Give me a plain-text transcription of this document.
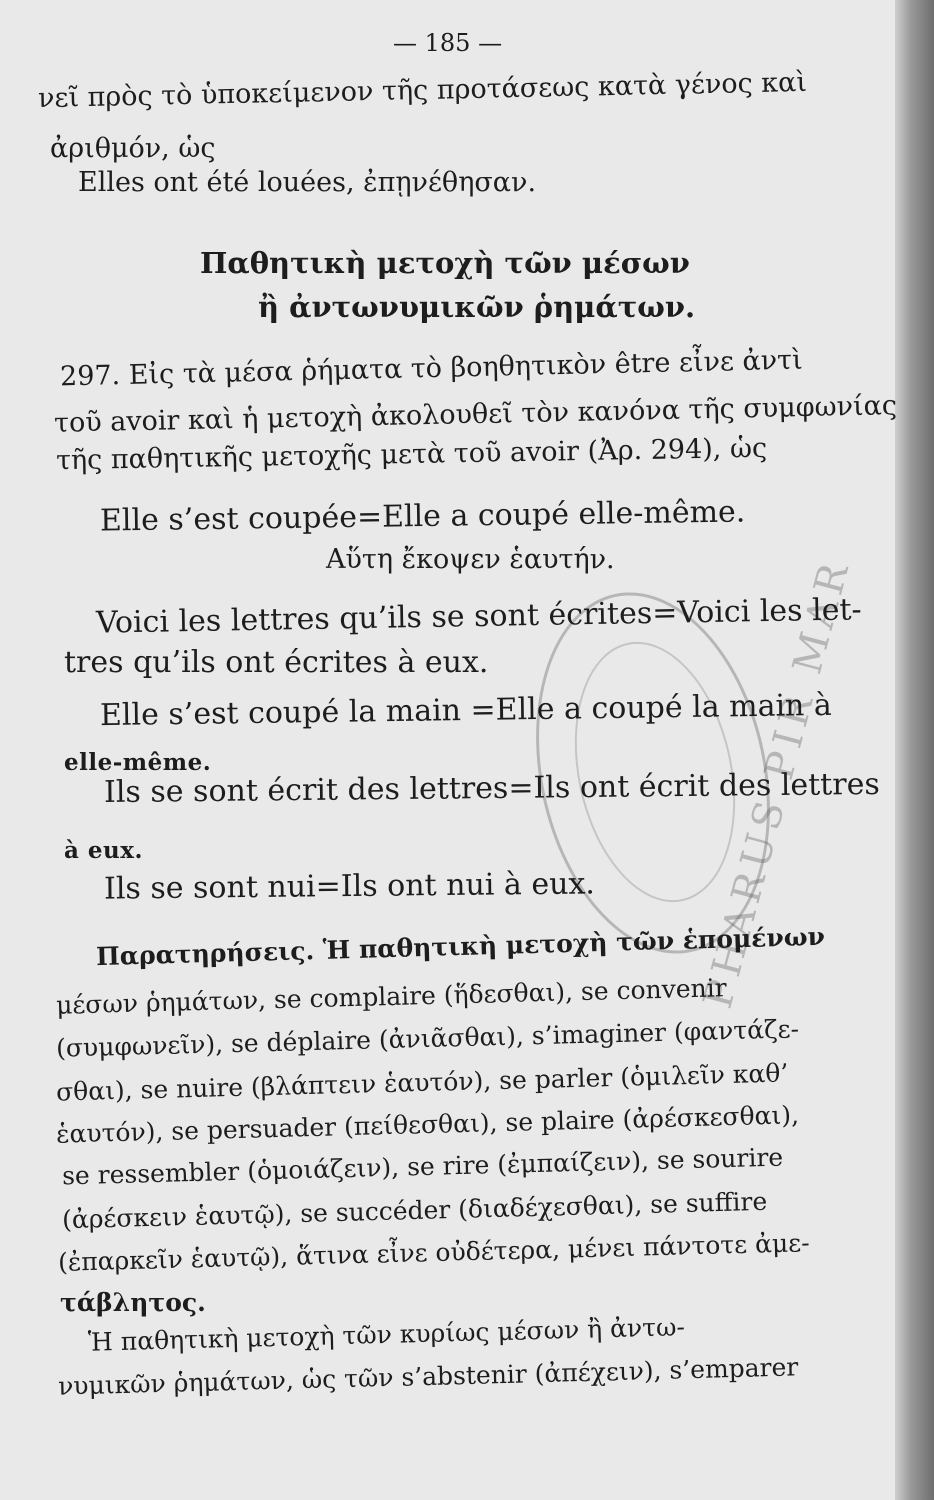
PHARUS PIR MAR
— 185 —
νεῖ πρὸς τὸ ὑποκείμενον τῆς προτάσεως κατὰ γένος καὶ
ἀριθμόν, ὡς
Elles ont été louées, ἐπῃνέθησαν.
Παθητικὴ μετοχὴ τῶν μέσων
ἢ ἀντωνυμικῶν ῥημάτων.
297. Εἰς τὰ μέσα ῥήματα τὸ βοηθητικὸν être εἶνε ἀντὶ
τοῦ avoir καὶ ἡ μετοχὴ ἀκολουθεῖ τὸν κανόνα τῆς συμφωνίας
τῆς παθητικῆς μετοχῆς μετὰ τοῦ avoir (Ἀρ. 294), ὡς
Elle s’est coupée=Elle a coupé elle-même.
Αὕτη ἔκοψεν ἑαυτήν.
Voici les lettres qu’ils se sont écrites=Voici les let-
tres qu’ils ont écrites à eux.
Elle s’est coupé la main =Elle a coupé la main à
elle-même.
Ils se sont écrit des lettres=Ils ont écrit des lettres
à eux.
Ils se sont nui=Ils ont nui à eux.
Παρατηρήσεις. Ἡ παθητικὴ μετοχὴ τῶν ἑπομένων
μέσων ῥημάτων, se complaire (ἥδεσθαι), se convenir
(συμφωνεῖν), se déplaire (ἀνιᾶσθαι), s’imaginer (φαντάζε-
σθαι), se nuire (βλάπτειν ἑαυτόν), se parler (ὁμιλεῖν καθ’
ἑαυτόν), se persuader (πείθεσθαι), se plaire (ἀρέσκεσθαι),
se ressembler (ὁμοιάζειν), se rire (ἐμπαίζειν), se sourire
(ἀρέσκειν ἑαυτῷ), se succéder (διαδέχεσθαι), se suffire
(ἐπαρκεῖν ἑαυτῷ), ἅτινα εἶνε οὐδέτερα, μένει πάντοτε ἀμε-
τάβλητος.
Ἡ παθητικὴ μετοχὴ τῶν κυρίως μέσων ἢ ἀντω-
νυμικῶν ῥημάτων, ὡς τῶν s’abstenir (ἀπέχειν), s’emparer
